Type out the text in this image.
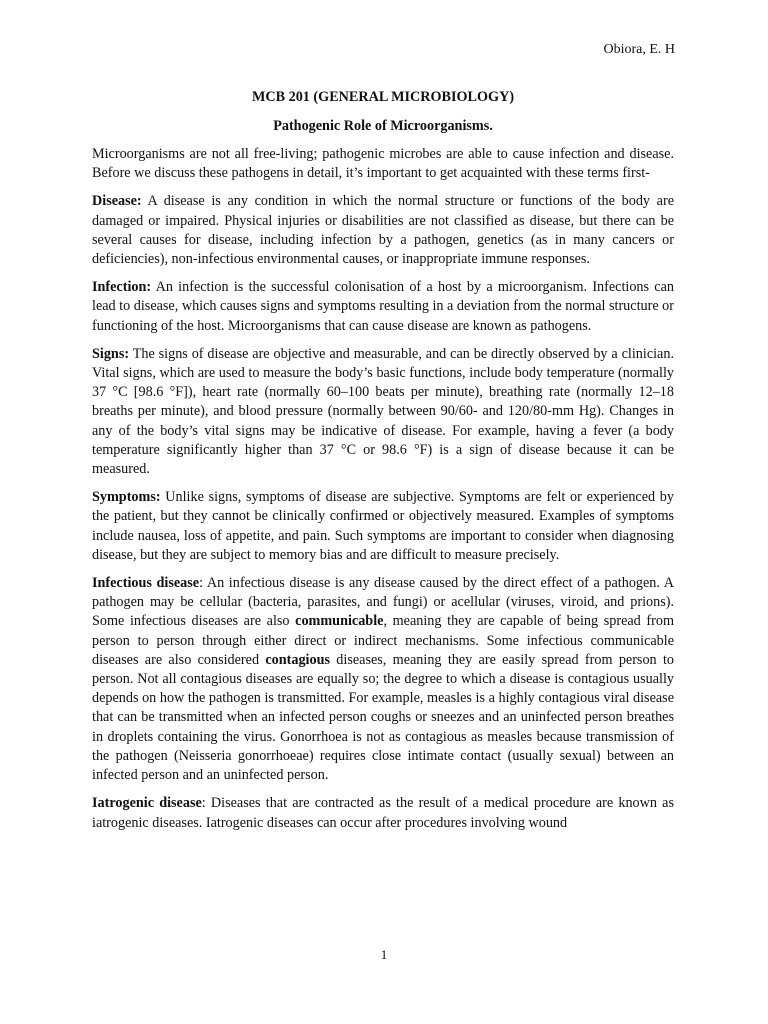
Obiora, E. H

MCB 201 (GENERAL MICROBIOLOGY)
Pathogenic Role of Microorganisms.

Microorganisms are not all free-living; pathogenic microbes are able to cause infection and disease. Before we discuss these pathogens in detail, it’s important to get acquainted with these terms first-

Disease: A disease is any condition in which the normal structure or functions of the body are damaged or impaired. Physical injuries or disabilities are not classified as disease, but there can be several causes for disease, including infection by a pathogen, genetics (as in many cancers or deficiencies), non-infectious environmental causes, or inappropriate immune responses.

Infection: An infection is the successful colonisation of a host by a microorganism. Infections can lead to disease, which causes signs and symptoms resulting in a deviation from the normal structure or functioning of the host. Microorganisms that can cause disease are known as pathogens.

Signs: The signs of disease are objective and measurable, and can be directly observed by a clinician. Vital signs, which are used to measure the body’s basic functions, include body temperature (normally 37 °C [98.6 °F]), heart rate (normally 60–100 beats per minute), breathing rate (normally 12–18 breaths per minute), and blood pressure (normally between 90/60- and 120/80-mm Hg). Changes in any of the body’s vital signs may be indicative of disease. For example, having a fever (a body temperature significantly higher than 37 °C or 98.6 °F) is a sign of disease because it can be measured.

Symptoms: Unlike signs, symptoms of disease are subjective. Symptoms are felt or experienced by the patient, but they cannot be clinically confirmed or objectively measured. Examples of symptoms include nausea, loss of appetite, and pain. Such symptoms are important to consider when diagnosing disease, but they are subject to memory bias and are difficult to measure precisely.

Infectious disease: An infectious disease is any disease caused by the direct effect of a pathogen. A pathogen may be cellular (bacteria, parasites, and fungi) or acellular (viruses, viroid, and prions). Some infectious diseases are also communicable, meaning they are capable of being spread from person to person through either direct or indirect mechanisms. Some infectious communicable diseases are also considered contagious diseases, meaning they are easily spread from person to person. Not all contagious diseases are equally so; the degree to which a disease is contagious usually depends on how the pathogen is transmitted. For example, measles is a highly contagious viral disease that can be transmitted when an infected person coughs or sneezes and an uninfected person breathes in droplets containing the virus. Gonorrhoea is not as contagious as measles because transmission of the pathogen (Neisseria gonorrhoeae) requires close intimate contact (usually sexual) between an infected person and an uninfected person.

Iatrogenic disease: Diseases that are contracted as the result of a medical procedure are known as iatrogenic diseases. Iatrogenic diseases can occur after procedures involving wound

1
